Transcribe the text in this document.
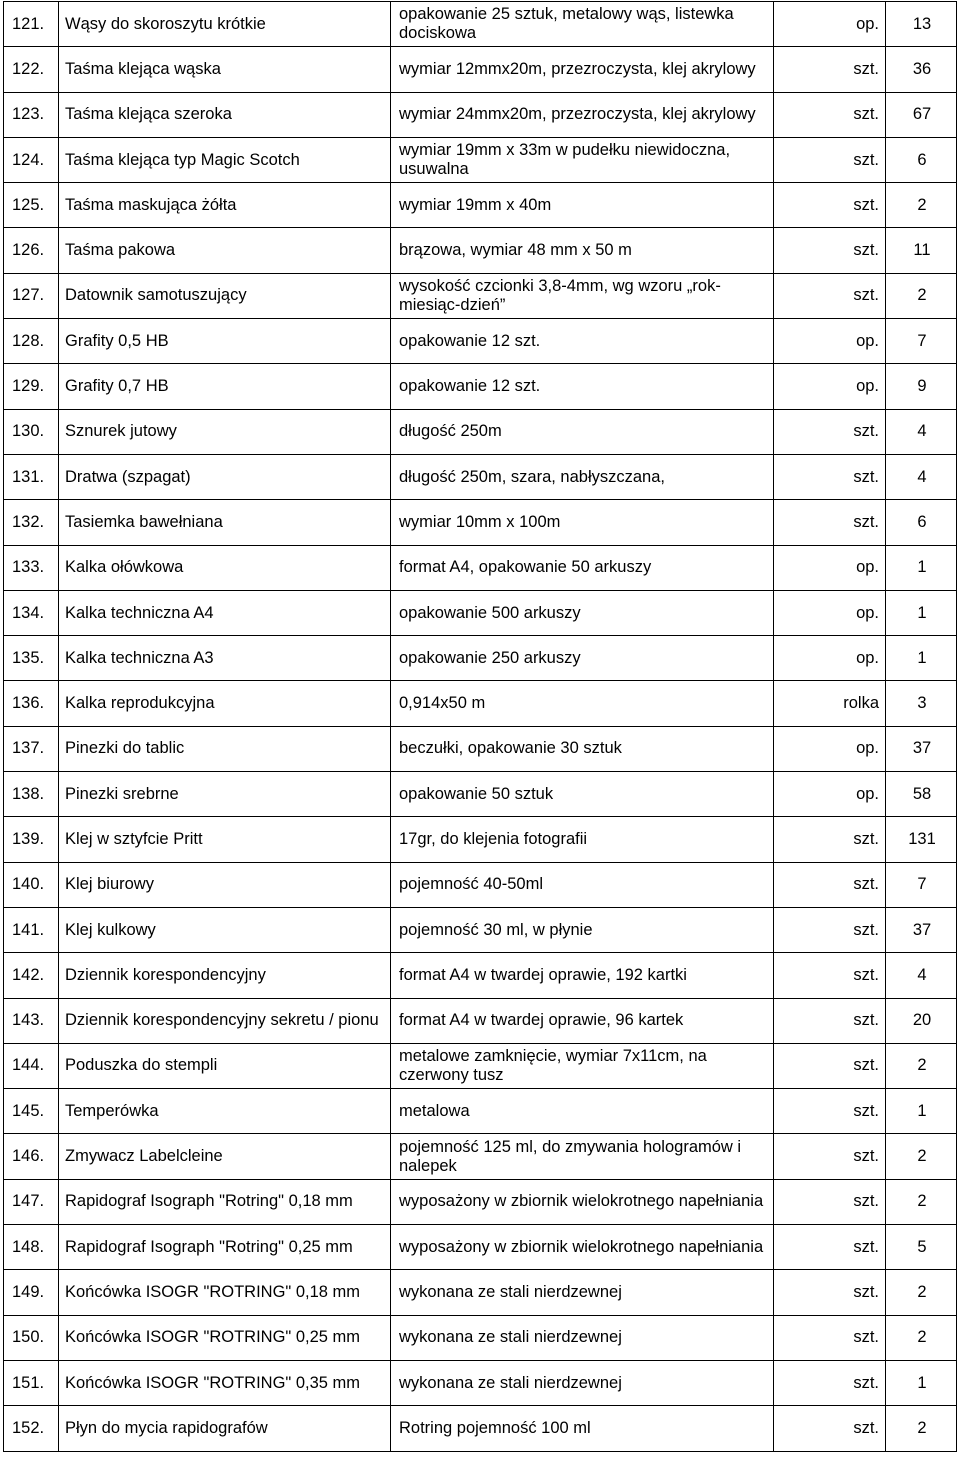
121.	Wąsy do skoroszytu krótkie	opakowanie 25 sztuk, metalowy wąs, listewka dociskowa	op.	13
122.	Taśma klejąca wąska	wymiar 12mmx20m, przezroczysta, klej akrylowy	szt.	36
123.	Taśma klejąca szeroka	wymiar 24mmx20m, przezroczysta, klej akrylowy	szt.	67
124.	Taśma klejąca typ Magic Scotch	wymiar 19mm x 33m w pudełku niewidoczna, usuwalna	szt.	6
125.	Taśma maskująca żółta	wymiar 19mm x 40m	szt.	2
126.	Taśma pakowa	brązowa, wymiar 48 mm x 50 m	szt.	11
127.	Datownik samotuszujący	wysokość czcionki 3,8-4mm, wg wzoru „rok-miesiąc-dzień”	szt.	2
128.	Grafity 0,5 HB	opakowanie 12 szt.	op.	7
129.	Grafity 0,7 HB	opakowanie 12 szt.	op.	9
130.	Sznurek jutowy	długość 250m	szt.	4
131.	Dratwa (szpagat)	długość 250m, szara, nabłyszczana,	szt.	4
132.	Tasiemka bawełniana	wymiar 10mm x 100m	szt.	6
133.	Kalka ołówkowa	format A4, opakowanie 50 arkuszy	op.	1
134.	Kalka techniczna A4	opakowanie 500 arkuszy	op.	1
135.	Kalka techniczna A3	opakowanie 250 arkuszy	op.	1
136.	Kalka reprodukcyjna	0,914x50 m	rolka	3
137.	Pinezki do tablic	beczułki, opakowanie 30 sztuk	op.	37
138.	Pinezki srebrne	opakowanie 50 sztuk	op.	58
139.	Klej w sztyfcie Pritt	17gr, do klejenia fotografii	szt.	131
140.	Klej biurowy	pojemność 40-50ml	szt.	7
141.	Klej kulkowy	pojemność 30 ml, w płynie	szt.	37
142.	Dziennik korespondencyjny	format A4 w twardej oprawie, 192 kartki	szt.	4
143.	Dziennik korespondencyjny sekretu / pionu	format A4 w twardej oprawie, 96 kartek	szt.	20
144.	Poduszka do stempli	metalowe zamknięcie, wymiar 7x11cm, na czerwony tusz	szt.	2
145.	Temperówka	metalowa	szt.	1
146.	Zmywacz Labelcleine	pojemność 125 ml, do zmywania hologramów i nalepek	szt.	2
147.	Rapidograf Isograph "Rotring" 0,18 mm	wyposażony w zbiornik wielokrotnego napełniania	szt.	2
148.	Rapidograf Isograph "Rotring" 0,25 mm	wyposażony w zbiornik wielokrotnego napełniania	szt.	5
149.	Końcówka ISOGR "ROTRING" 0,18 mm	wykonana ze stali nierdzewnej	szt.	2
150.	Końcówka ISOGR "ROTRING" 0,25 mm	wykonana ze stali nierdzewnej	szt.	2
151.	Końcówka ISOGR "ROTRING" 0,35 mm	wykonana ze stali nierdzewnej	szt.	1
152.	Płyn do mycia rapidografów	Rotring pojemność 100 ml	szt.	2
